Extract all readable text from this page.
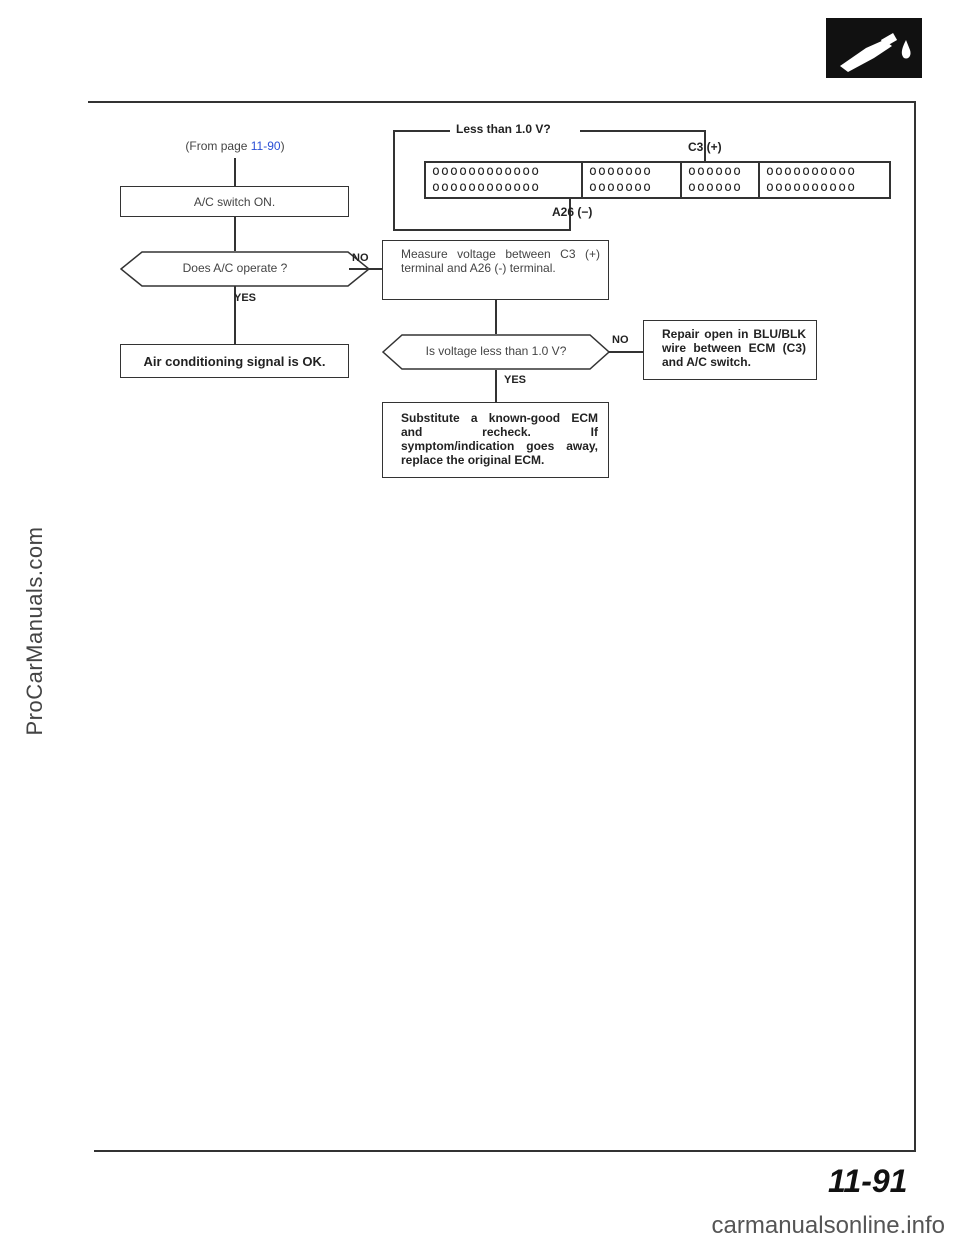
ProCarManuals.com
(From page 11-90)
A/C switch ON.
Does A/C operate ?
YES
NO
Air conditioning signal is OK.
Less than 1.0 V?
C3 (+)
A26 (−)
oooooooooooo
oooooooooooo
ooooooo
ooooooo
oooooo
oooooo
oooooooooo
oooooooooo
Measure voltage between C3 (+) terminal and A26 (-) terminal.
Is voltage less than 1.0 V?
NO
YES
Repair open in BLU/BLK wire between ECM (C3) and A/C switch.
Substitute a known-good ECM and recheck. If symptom/indication goes away, replace the original ECM.
11-91
carmanualsonline.info
